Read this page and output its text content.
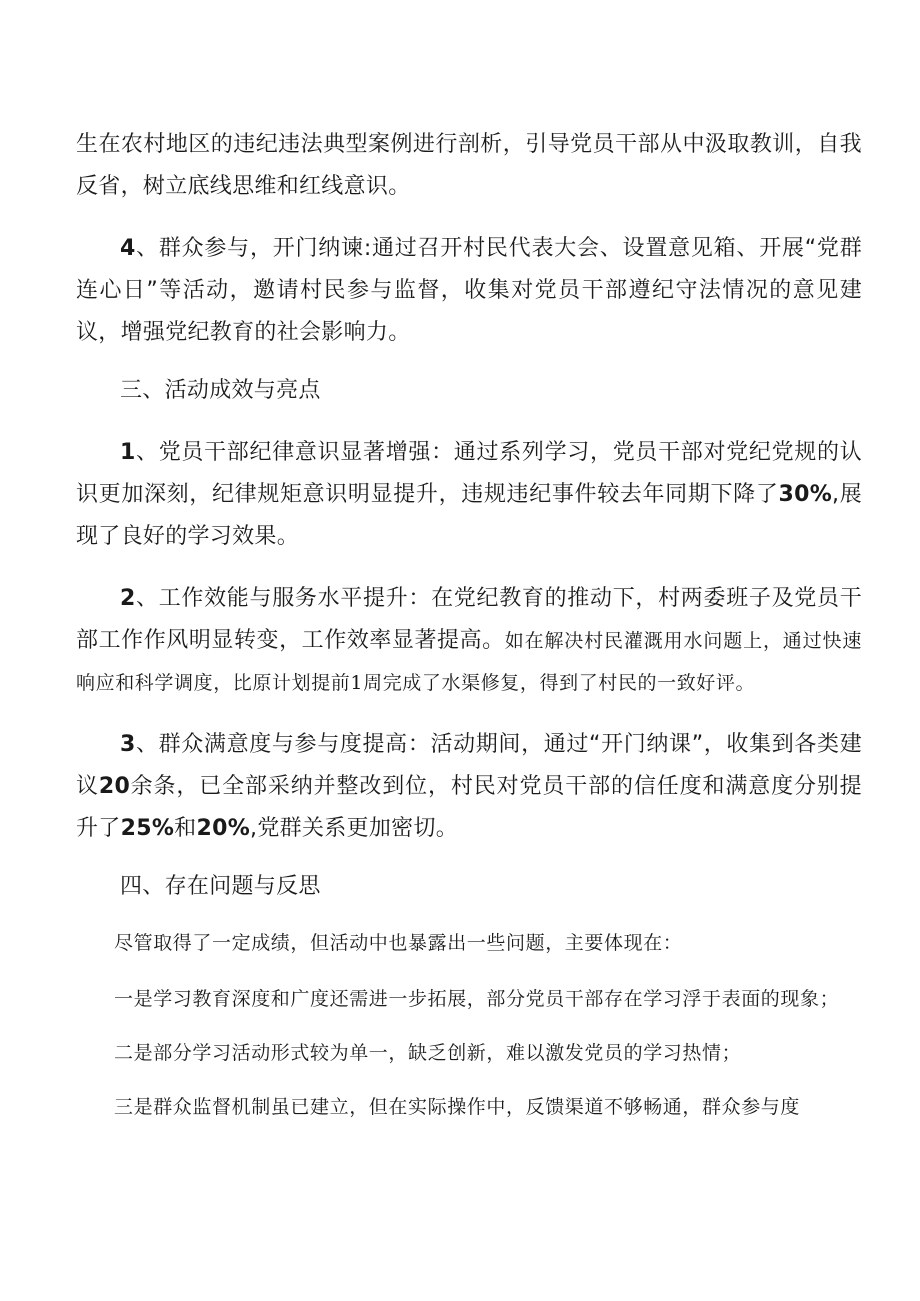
生在农村地区的违纪违法典型案例进行剖析，引导党员干部从中汲取教训，自我反省，树立底线思维和红线意识。

4、群众参与，开门纳谏:通过召开村民代表大会、设置意见箱、开展“党群连心日”等活动，邀请村民参与监督，收集对党员干部遵纪守法情况的意见建议，增强党纪教育的社会影响力。

三、活动成效与亮点

1、党员干部纪律意识显著增强：通过系列学习，党员干部对党纪党规的认识更加深刻，纪律规矩意识明显提升，违规违纪事件较去年同期下降了30%,展现了良好的学习效果。

2、工作效能与服务水平提升：在党纪教育的推动下，村两委班子及党员干部工作作风明显转变，工作效率显著提高。如在解决村民灌溉用水问题上，通过快速响应和科学调度，比原计划提前1周完成了水渠修复，得到了村民的一致好评。

3、群众满意度与参与度提高：活动期间，通过“开门纳课”，收集到各类建议20余条，已全部采纳并整改到位，村民对党员干部的信任度和满意度分别提升了25%和20%,党群关系更加密切。

四、存在问题与反思

尽管取得了一定成绩，但活动中也暴露出一些问题，主要体现在：

一是学习教育深度和广度还需进一步拓展，部分党员干部存在学习浮于表面的现象；

二是部分学习活动形式较为单一，缺乏创新，难以激发党员的学习热情；

三是群众监督机制虽已建立，但在实际操作中，反馈渠道不够畅通，群众参与度
